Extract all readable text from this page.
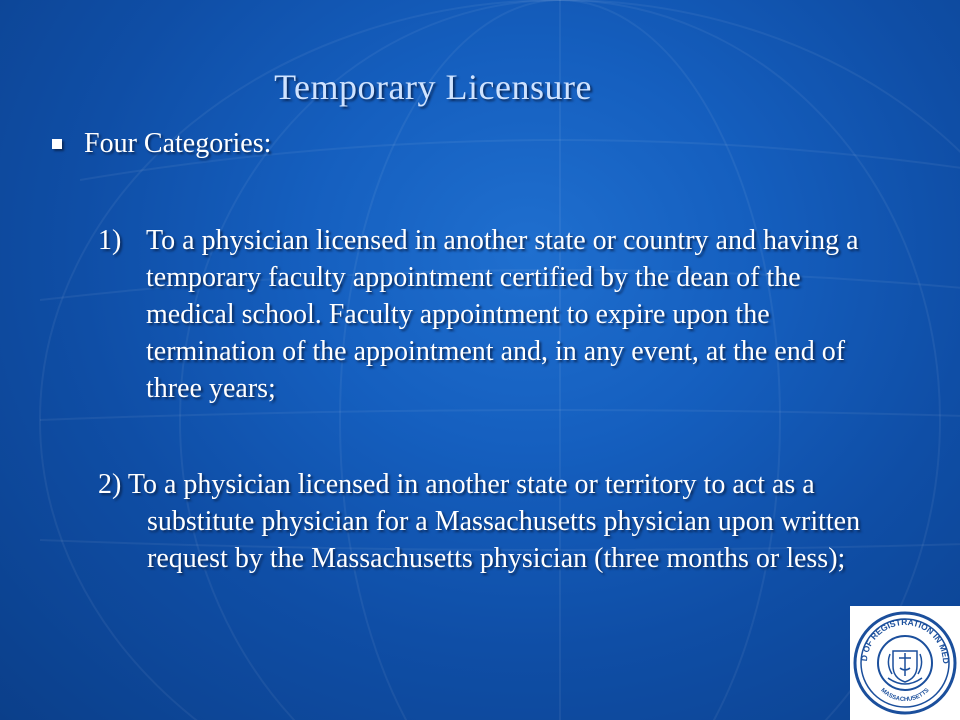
Temporary Licensure
Four Categories:
1) To a physician licensed in another state or country and having a temporary faculty appointment certified by the dean of the medical school. Faculty appointment to expire upon the termination of the appointment and, in any event, at the end of three years;
2) To a physician licensed in another state or territory to act as a substitute physician for a Massachusetts physician upon written request by the Massachusetts physician (three months or less);
D OF REGISTRATION IN MED
MASSACHUSETTS
